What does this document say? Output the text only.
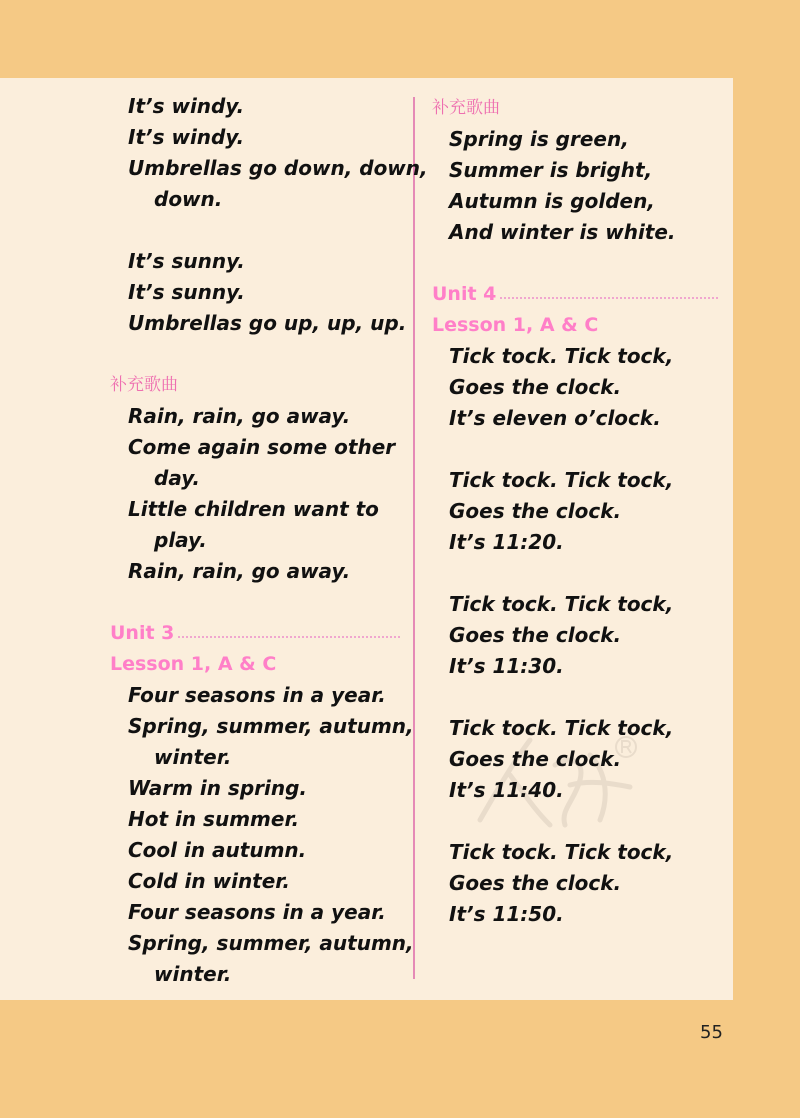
It’s windy.
It’s windy.
Umbrellas go down, down,
down.
It’s sunny.
It’s sunny.
Umbrellas go up, up, up.
补充歌曲
Rain, rain, go away.
Come again some other
day.
Little children want to
play.
Rain, rain, go away.
Unit 3
Lesson 1, A & C
Four seasons in a year.
Spring, summer, autumn,
winter.
Warm in spring.
Hot in summer.
Cool in autumn.
Cold in winter.
Four seasons in a year.
Spring, summer, autumn,
winter.
补充歌曲
Spring is green,
Summer is bright,
Autumn is golden,
And winter is white.
Unit 4
Lesson 1, A & C
Tick tock. Tick tock,
Goes the clock.
It’s eleven o’clock.
Tick tock. Tick tock,
Goes the clock.
It’s 11:20.
Tick tock. Tick tock,
Goes the clock.
It’s 11:30.
Tick tock. Tick tock,
Goes the clock.
It’s 11:40.
Tick tock. Tick tock,
Goes the clock.
It’s 11:50.
55
